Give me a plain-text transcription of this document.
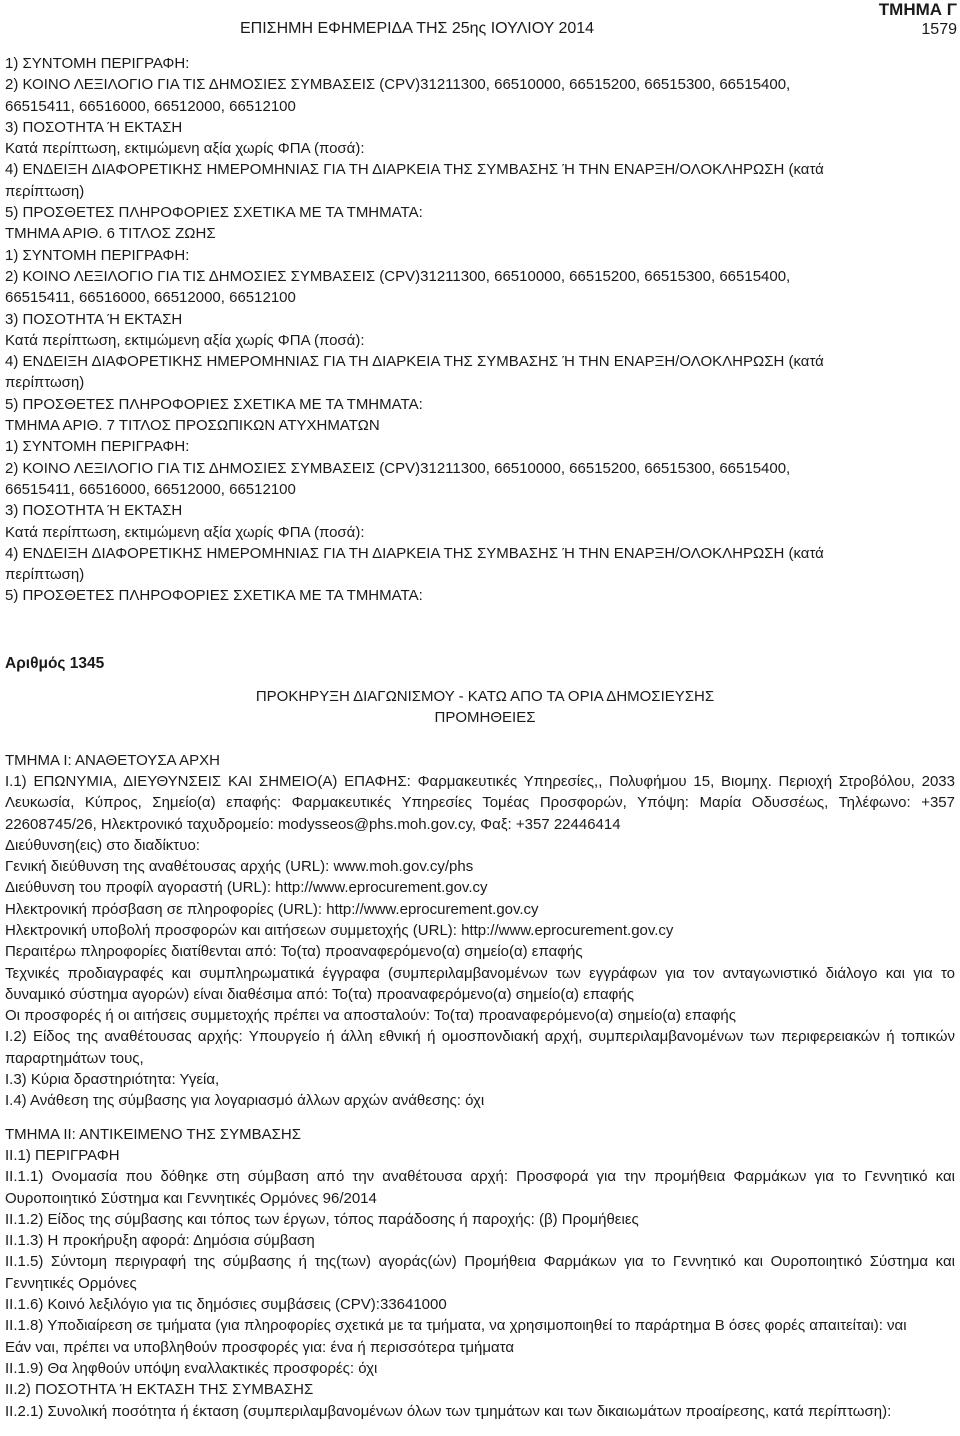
ΕΠΙΣΗΜΗ ΕΦΗΜΕΡΙΔΑ ΤΗΣ 25ης ΙΟΥΛΙΟΥ 2014
ΤΜΗΜΑ Γ
1579

1) ΣΥΝΤΟΜΗ ΠΕΡΙΓΡΑΦΗ:

2) ΚΟΙΝΟ ΛΕΞΙΛΟΓΙΟ ΓΙΑ ΤΙΣ ΔΗΜΟΣΙΕΣ ΣΥΜΒΑΣΕΙΣ (CPV)31211300, 66510000, 66515200, 66515300, 66515400,

66515411, 66516000, 66512000, 66512100

3) ΠΟΣΟΤΗΤΑ Ή ΕΚΤΑΣΗ

Κατά περίπτωση, εκτιμώμενη αξία χωρίς ΦΠΑ (ποσά):

4) ΕΝΔΕΙΞΗ ΔΙΑΦΟΡΕΤΙΚΗΣ ΗΜΕΡΟΜΗΝΙΑΣ ΓΙΑ ΤΗ ΔΙΑΡΚΕΙΑ ΤΗΣ ΣΥΜΒΑΣΗΣ Ή ΤΗΝ ΕΝΑΡΞΗ/ΟΛΟΚΛΗΡΩΣΗ (κατά

περίπτωση)

5) ΠΡΟΣΘΕΤΕΣ ΠΛΗΡΟΦΟΡΙΕΣ ΣΧΕΤΙΚΑ ΜΕ ΤΑ ΤΜΗΜΑΤΑ:

ΤΜΗΜΑ ΑΡΙΘ. 6 ΤΙΤΛΟΣ ΖΩΗΣ

1) ΣΥΝΤΟΜΗ ΠΕΡΙΓΡΑΦΗ:

2) ΚΟΙΝΟ ΛΕΞΙΛΟΓΙΟ ΓΙΑ ΤΙΣ ΔΗΜΟΣΙΕΣ ΣΥΜΒΑΣΕΙΣ (CPV)31211300, 66510000, 66515200, 66515300, 66515400,

66515411, 66516000, 66512000, 66512100

3) ΠΟΣΟΤΗΤΑ Ή ΕΚΤΑΣΗ

Κατά περίπτωση, εκτιμώμενη αξία χωρίς ΦΠΑ (ποσά):

4) ΕΝΔΕΙΞΗ ΔΙΑΦΟΡΕΤΙΚΗΣ ΗΜΕΡΟΜΗΝΙΑΣ ΓΙΑ ΤΗ ΔΙΑΡΚΕΙΑ ΤΗΣ ΣΥΜΒΑΣΗΣ Ή ΤΗΝ ΕΝΑΡΞΗ/ΟΛΟΚΛΗΡΩΣΗ (κατά

περίπτωση)

5) ΠΡΟΣΘΕΤΕΣ ΠΛΗΡΟΦΟΡΙΕΣ ΣΧΕΤΙΚΑ ΜΕ ΤΑ ΤΜΗΜΑΤΑ:

ΤΜΗΜΑ ΑΡΙΘ. 7 ΤΙΤΛΟΣ ΠΡΟΣΩΠΙΚΩΝ ΑΤΥΧΗΜΑΤΩΝ

1) ΣΥΝΤΟΜΗ ΠΕΡΙΓΡΑΦΗ:

2) ΚΟΙΝΟ ΛΕΞΙΛΟΓΙΟ ΓΙΑ ΤΙΣ ΔΗΜΟΣΙΕΣ ΣΥΜΒΑΣΕΙΣ (CPV)31211300, 66510000, 66515200, 66515300, 66515400,

66515411, 66516000, 66512000, 66512100

3) ΠΟΣΟΤΗΤΑ Ή ΕΚΤΑΣΗ

Κατά περίπτωση, εκτιμώμενη αξία χωρίς ΦΠΑ (ποσά):

4) ΕΝΔΕΙΞΗ ΔΙΑΦΟΡΕΤΙΚΗΣ ΗΜΕΡΟΜΗΝΙΑΣ ΓΙΑ ΤΗ ΔΙΑΡΚΕΙΑ ΤΗΣ ΣΥΜΒΑΣΗΣ Ή ΤΗΝ ΕΝΑΡΞΗ/ΟΛΟΚΛΗΡΩΣΗ (κατά

περίπτωση)

5) ΠΡΟΣΘΕΤΕΣ ΠΛΗΡΟΦΟΡΙΕΣ ΣΧΕΤΙΚΑ ΜΕ ΤΑ ΤΜΗΜΑΤΑ:

Αριθμός 1345

ΠΡΟΚΗΡΥΞΗ ΔΙΑΓΩΝΙΣΜΟΥ - ΚΑΤΩ ΑΠΟ ΤΑ ΟΡΙΑ ΔΗΜΟΣΙΕΥΣΗΣ

ΠΡΟΜΗΘΕΙΕΣ

ΤΜΗΜΑ Ι: ΑΝΑΘΕΤΟΥΣΑ ΑΡΧΗ

Ι.1) ΕΠΩΝΥΜΙΑ, ΔΙΕΥΘΥΝΣΕΙΣ ΚΑΙ ΣΗΜΕΙΟ(Α) ΕΠΑΦΗΣ: Φαρμακευτικές Υπηρεσίες,, Πολυφήμου 15, Βιομηχ. Περιοχή Στροβόλου, 2033 Λευκωσία, Κύπρος, Σημείο(α) επαφής: Φαρμακευτικές Υπηρεσίες Τομέας Προσφορών, Υπόψη: Μαρία Οδυσσέως, Τηλέφωνο: +357 22608745/26, Ηλεκτρονικό ταχυδρομείο: modysseos@phs.moh.gov.cy, Φαξ: +357 22446414

Διεύθυνση(εις) στο διαδίκτυο:

Γενική διεύθυνση της αναθέτουσας αρχής (URL): www.moh.gov.cy/phs

Διεύθυνση του προφίλ αγοραστή (URL): http://www.eprocurement.gov.cy

Ηλεκτρονική πρόσβαση σε πληροφορίες (URL): http://www.eprocurement.gov.cy

Ηλεκτρονική υποβολή προσφορών και αιτήσεων συμμετοχής (URL): http://www.eprocurement.gov.cy

Περαιτέρω πληροφορίες διατίθενται από: Το(τα) προαναφερόμενο(α) σημείο(α) επαφής

Τεχνικές προδιαγραφές και συμπληρωματικά έγγραφα (συμπεριλαμβανομένων των εγγράφων για τον ανταγωνιστικό διάλογο και για το δυναμικό σύστημα αγορών) είναι διαθέσιμα από: Το(τα) προαναφερόμενο(α) σημείο(α) επαφής

Οι προσφορές ή οι αιτήσεις συμμετοχής πρέπει να αποσταλούν: Το(τα) προαναφερόμενο(α) σημείο(α) επαφής

Ι.2) Είδος της αναθέτουσας αρχής: Υπουργείο ή άλλη εθνική ή ομοσπονδιακή αρχή, συμπεριλαμβανομένων των περιφερειακών ή τοπικών παραρτημάτων τους,

Ι.3) Κύρια δραστηριότητα: Υγεία,

Ι.4) Ανάθεση της σύμβασης για λογαριασμό άλλων αρχών ανάθεσης: όχι

ΤΜΗΜΑ ΙΙ: ΑΝΤΙΚΕΙΜΕΝΟ ΤΗΣ ΣΥΜΒΑΣΗΣ

ΙΙ.1) ΠΕΡΙΓΡΑΦΗ

ΙΙ.1.1) Ονομασία που δόθηκε στη σύμβαση από την αναθέτουσα αρχή: Προσφορά για την προμήθεια Φαρμάκων για το Γεννητικό και Ουροποιητικό Σύστημα και Γεννητικές Ορμόνες 96/2014

ΙΙ.1.2) Είδος της σύμβασης και τόπος των έργων, τόπος παράδοσης ή παροχής: (β) Προμήθειες

ΙΙ.1.3) Η προκήρυξη αφορά: Δημόσια σύμβαση

ΙΙ.1.5) Σύντομη περιγραφή της σύμβασης ή της(των) αγοράς(ών) Προμήθεια Φαρμάκων για το Γεννητικό και Ουροποιητικό Σύστημα και Γεννητικές Ορμόνες

ΙΙ.1.6) Κοινό λεξιλόγιο για τις δημόσιες συμβάσεις (CPV):33641000

ΙΙ.1.8) Υποδιαίρεση σε τμήματα (για πληροφορίες σχετικά με τα τμήματα, να χρησιμοποιηθεί το παράρτημα Β όσες φορές απαιτείται): ναι

Εάν ναι, πρέπει να υποβληθούν προσφορές για: ένα ή περισσότερα τμήματα

ΙΙ.1.9) Θα ληφθούν υπόψη εναλλακτικές προσφορές: όχι

ΙΙ.2) ΠΟΣΟΤΗΤΑ Ή ΕΚΤΑΣΗ ΤΗΣ ΣΥΜΒΑΣΗΣ

ΙΙ.2.1) Συνολική ποσότητα ή έκταση (συμπεριλαμβανομένων όλων των τμημάτων και των δικαιωμάτων προαίρεσης, κατά περίπτωση):
